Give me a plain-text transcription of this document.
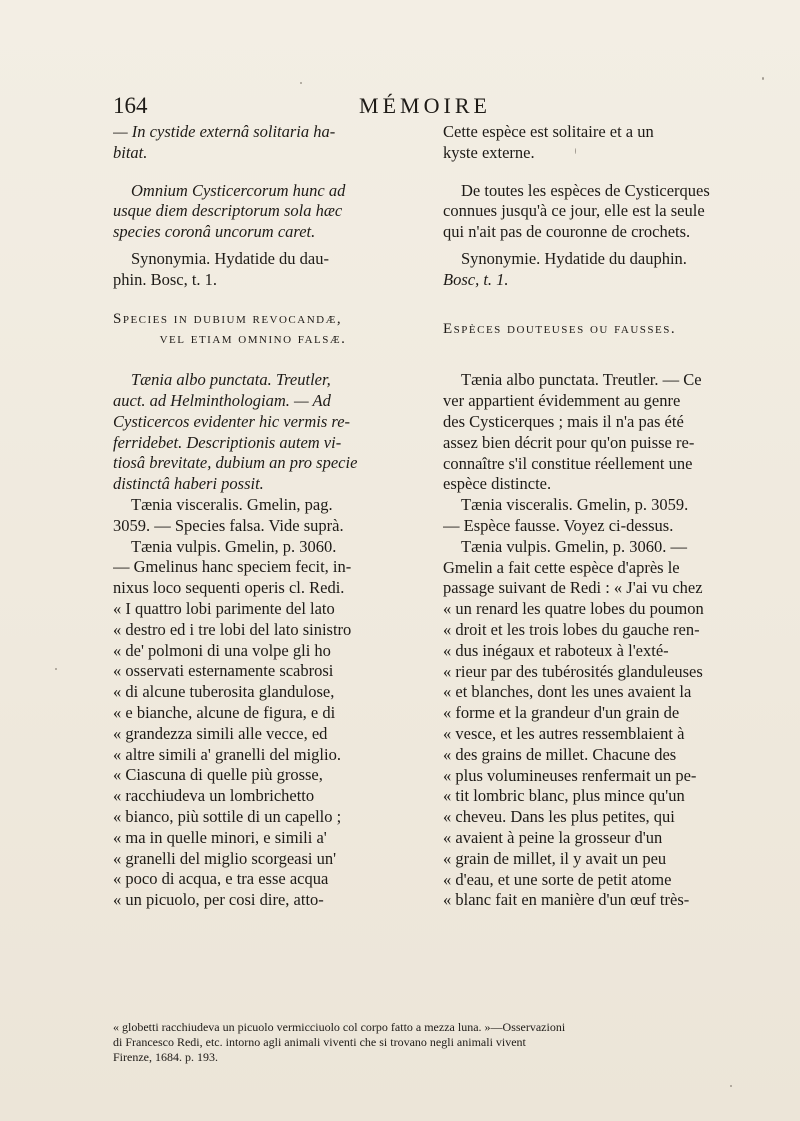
164	MÉMOIRE
— In cystide externâ solitaria ha-
bitat.
Omnium Cysticercorum hunc ad
usque diem descriptorum sola hæc
species coronâ uncorum caret.
Synonymia. Hydatide du dau-
phin. Bosc, t. 1.
Species in dubium revocandæ,
vel etiam omnino falsæ.
Tænia albo punctata. Treutler,
auct. ad Helminthologiam. — Ad
Cysticercos evidenter hic vermis re-
ferridebet. Descriptionis autem vi-
tiosâ brevitate, dubium an pro specie
distinctâ haberi possit.
Tænia visceralis. Gmelin, pag.
3059. — Species falsa. Vide suprà.
Tænia vulpis. Gmelin, p. 3060.
— Gmelinus hanc speciem fecit, in-
nixus loco sequenti operis cl. Redi.
« I quattro lobi parimente del lato
« destro ed i tre lobi del lato sinistro
« de' polmoni di una volpe gli ho
« osservati esternamente scabrosi
« di alcune tuberosita glandulose,
« e bianche, alcune de figura, e di
« grandezza simili alle vecce, ed
« altre simili a' granelli del miglio.
« Ciascuna di quelle più grosse,
« racchiudeva un lombrichetto
« bianco, più sottile di un capello ;
« ma in quelle minori, e simili a'
« granelli del miglio scorgeasi un'
« poco di acqua, e tra esse acqua
« un picuolo, per cosi dire, atto-
Cette espèce est solitaire et a un
kyste externe.
De toutes les espèces de Cysticerques
connues jusqu'à ce jour, elle est la seule
qui n'ait pas de couronne de crochets.
Synonymie. Hydatide du dauphin.
Bosc, t. 1.
Espèces douteuses ou fausses.
Tænia albo punctata. Treutler. — Ce
ver appartient évidemment au genre
des Cysticerques ; mais il n'a pas été
assez bien décrit pour qu'on puisse re-
connaître s'il constitue réellement une
espèce distincte.
Tænia visceralis. Gmelin, p. 3059.
— Espèce fausse. Voyez ci-dessus.
Tænia vulpis. Gmelin, p. 3060. —
Gmelin a fait cette espèce d'après le
passage suivant de Redi : « J'ai vu chez
« un renard les quatre lobes du poumon
« droit et les trois lobes du gauche ren-
« dus inégaux et raboteux à l'exté-
« rieur par des tubérosités glanduleuses
« et blanches, dont les unes avaient la
« forme et la grandeur d'un grain de
« vesce, et les autres ressemblaient à
« des grains de millet. Chacune des
« plus volumineuses renfermait un pe-
« tit lombric blanc, plus mince qu'un
« cheveu. Dans les plus petites, qui
« avaient à peine la grosseur d'un
« grain de millet, il y avait un peu
« d'eau, et une sorte de petit atome
« blanc fait en manière d'un œuf très-
« globetti racchiudeva un picuolo vermicciuolo col corpo fatto a mezza luna. »—Osservazioni
di Francesco Redi, etc. intorno agli animali viventi che si trovano negli animali vivent
Firenze, 1684. p. 193.
